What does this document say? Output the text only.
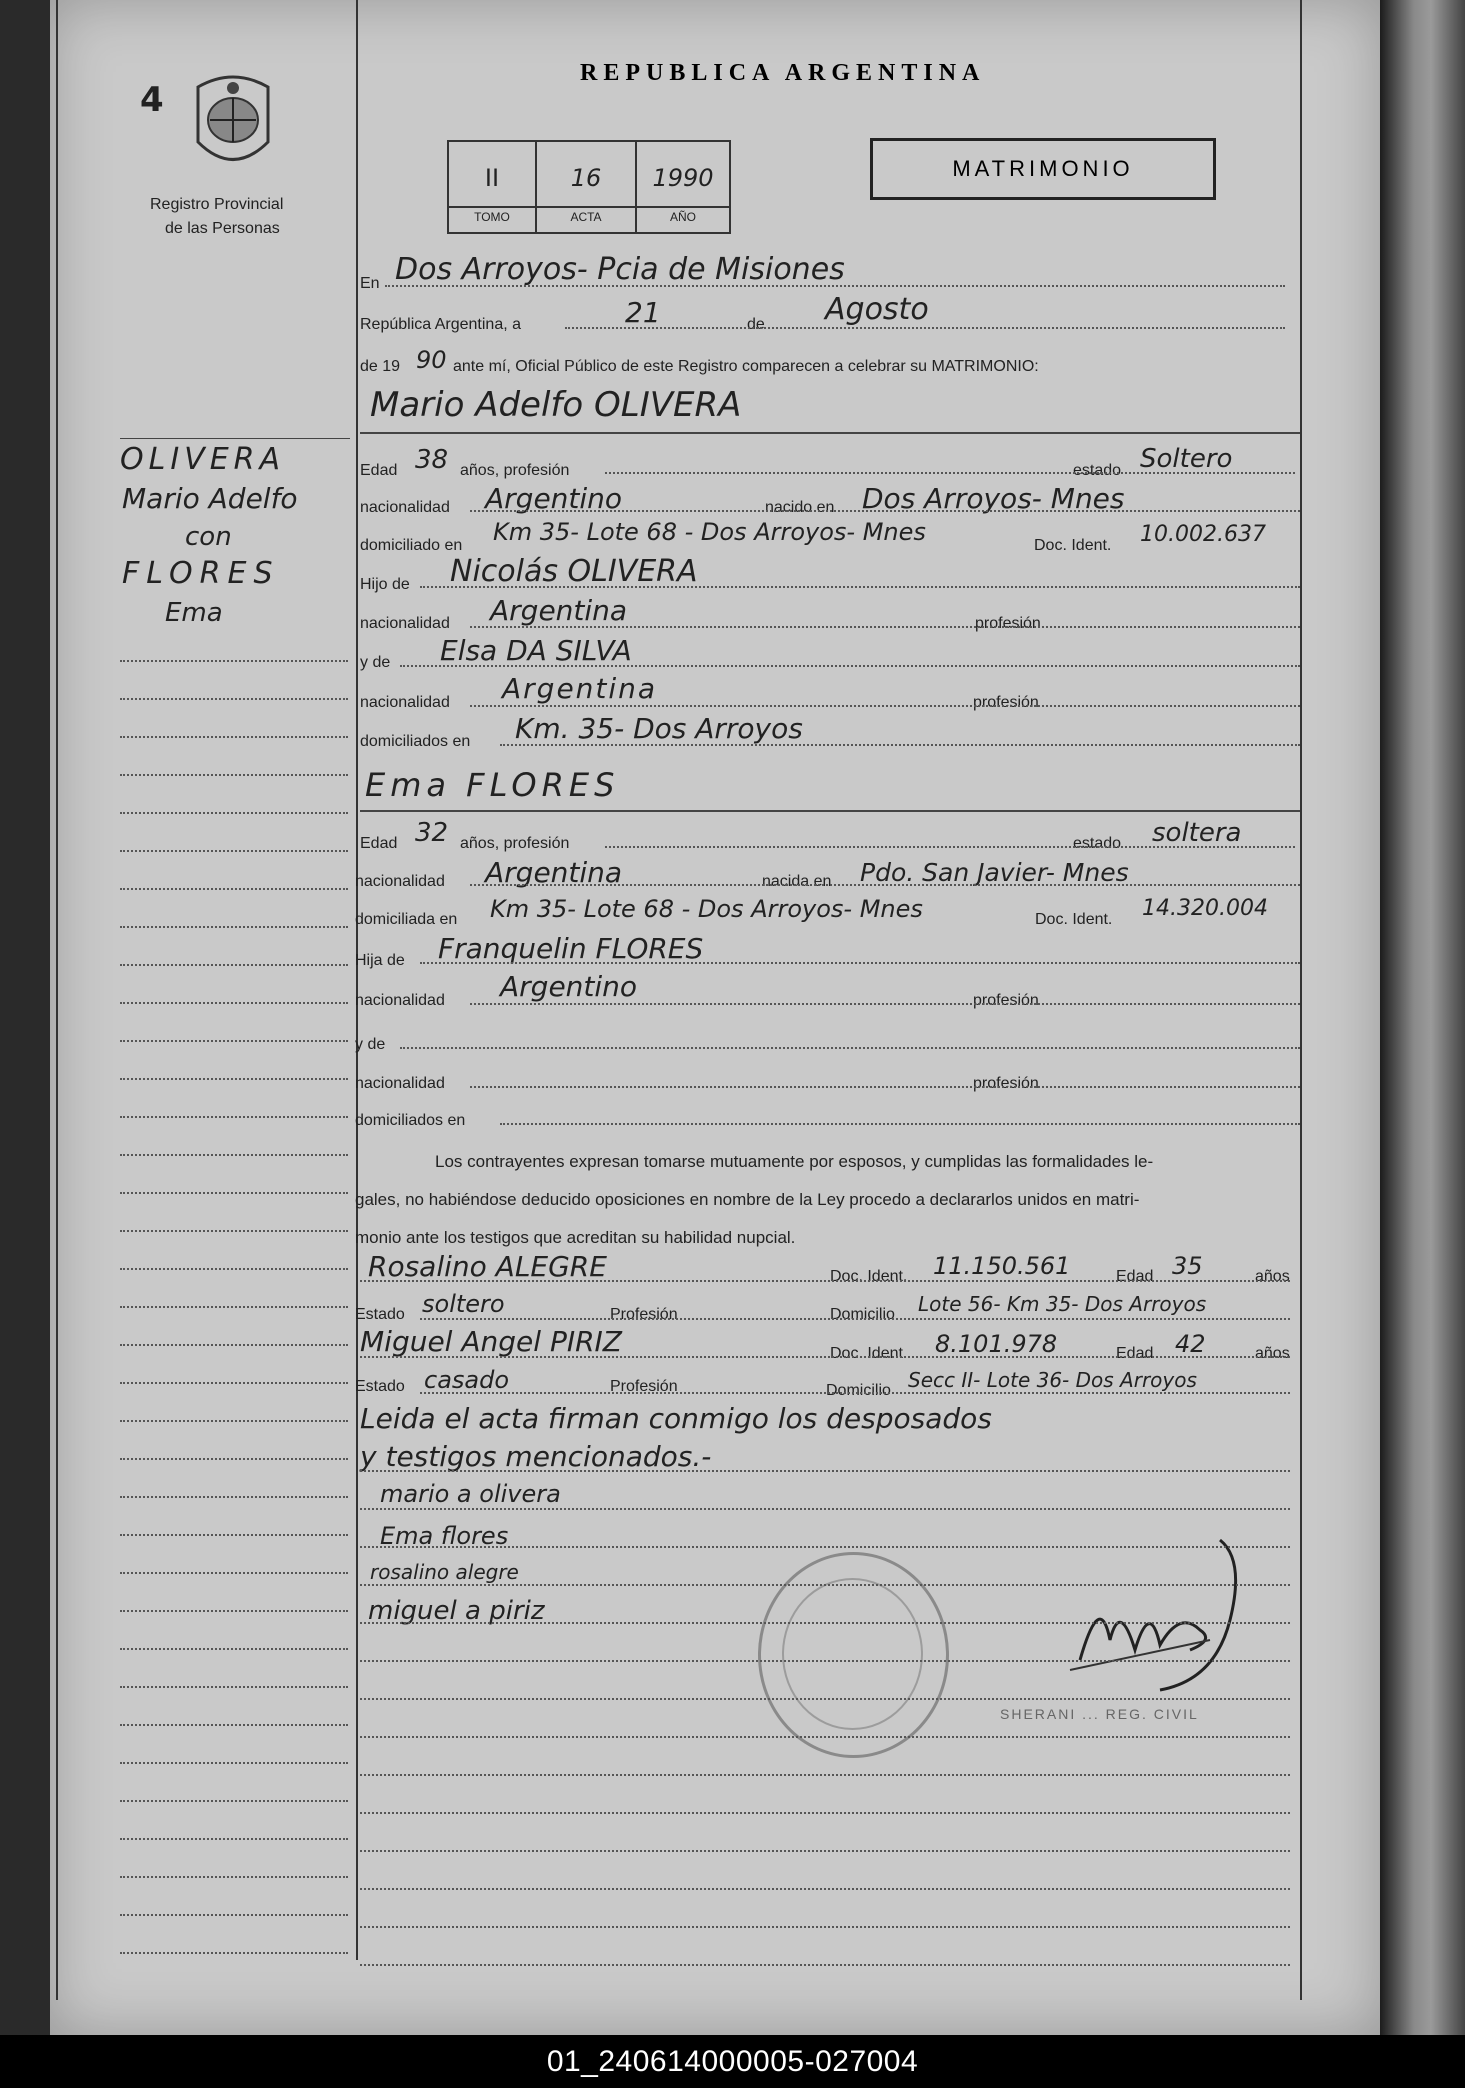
4
Registro Provincial
de las Personas
REPUBLICA ARGENTINA
II	16	1990
TOMO	ACTA	AÑO
MATRIMONIO
OLIVERA
Mario Adelfo
con
FLORES
Ema
En Dos Arroyos- Pcia de Misiones
República Argentina, a	21	de Agosto
de 19 90 ante mí, Oficial Público de este Registro comparecen a celebrar su MATRIMONIO:
Mario Adelfo OLIVERA
Edad 38 años, profesión	estado Soltero
nacionalidad Argentino	nacido en Dos Arroyos- Mnes
domiciliado en Km 35- Lote 68 - Dos Arroyos- Mnes	Doc. Ident. 10.002.637
Hijo de Nicolás OLIVERA
nacionalidad Argentina	profesión
y de Elsa DA SILVA
nacionalidad Argentina	profesión
domiciliados en Km. 35- Dos Arroyos
Ema FLORES
Edad 32 años, profesión	estado soltera
nacionalidad Argentina	nacida en Pdo. San Javier- Mnes
domiciliada en Km 35- Lote 68 - Dos Arroyos- Mnes	Doc. Ident. 14.320.004
Hija de Franquelin FLORES
nacionalidad Argentino	profesión
y de
nacionalidad	profesión
domiciliados en
Los contrayentes expresan tomarse mutuamente por esposos, y cumplidas las formalidades le-
gales, no habiéndose deducido oposiciones en nombre de la Ley procedo a declararlos unidos en matri-
monio ante los testigos que acreditan su habilidad nupcial.
Rosalino ALEGRE	Doc. Ident. 11.150.561	Edad 35	años
Estado soltero	Profesión	Domicilio Lote 56- Km 35- Dos Arroyos
Miguel Angel PIRIZ	Doc. Ident. 8.101.978	Edad 42	años
Estado casado	Profesión	Domicilio Secc II- Lote 36- Dos Arroyos
Leida el acta firman conmigo los desposados
y testigos mencionados.-
mario a olivera
Ema flores
rosalino alegre
miguel a piriz
SHERANI ... REG. CIVIL
01_240614000005-027004
